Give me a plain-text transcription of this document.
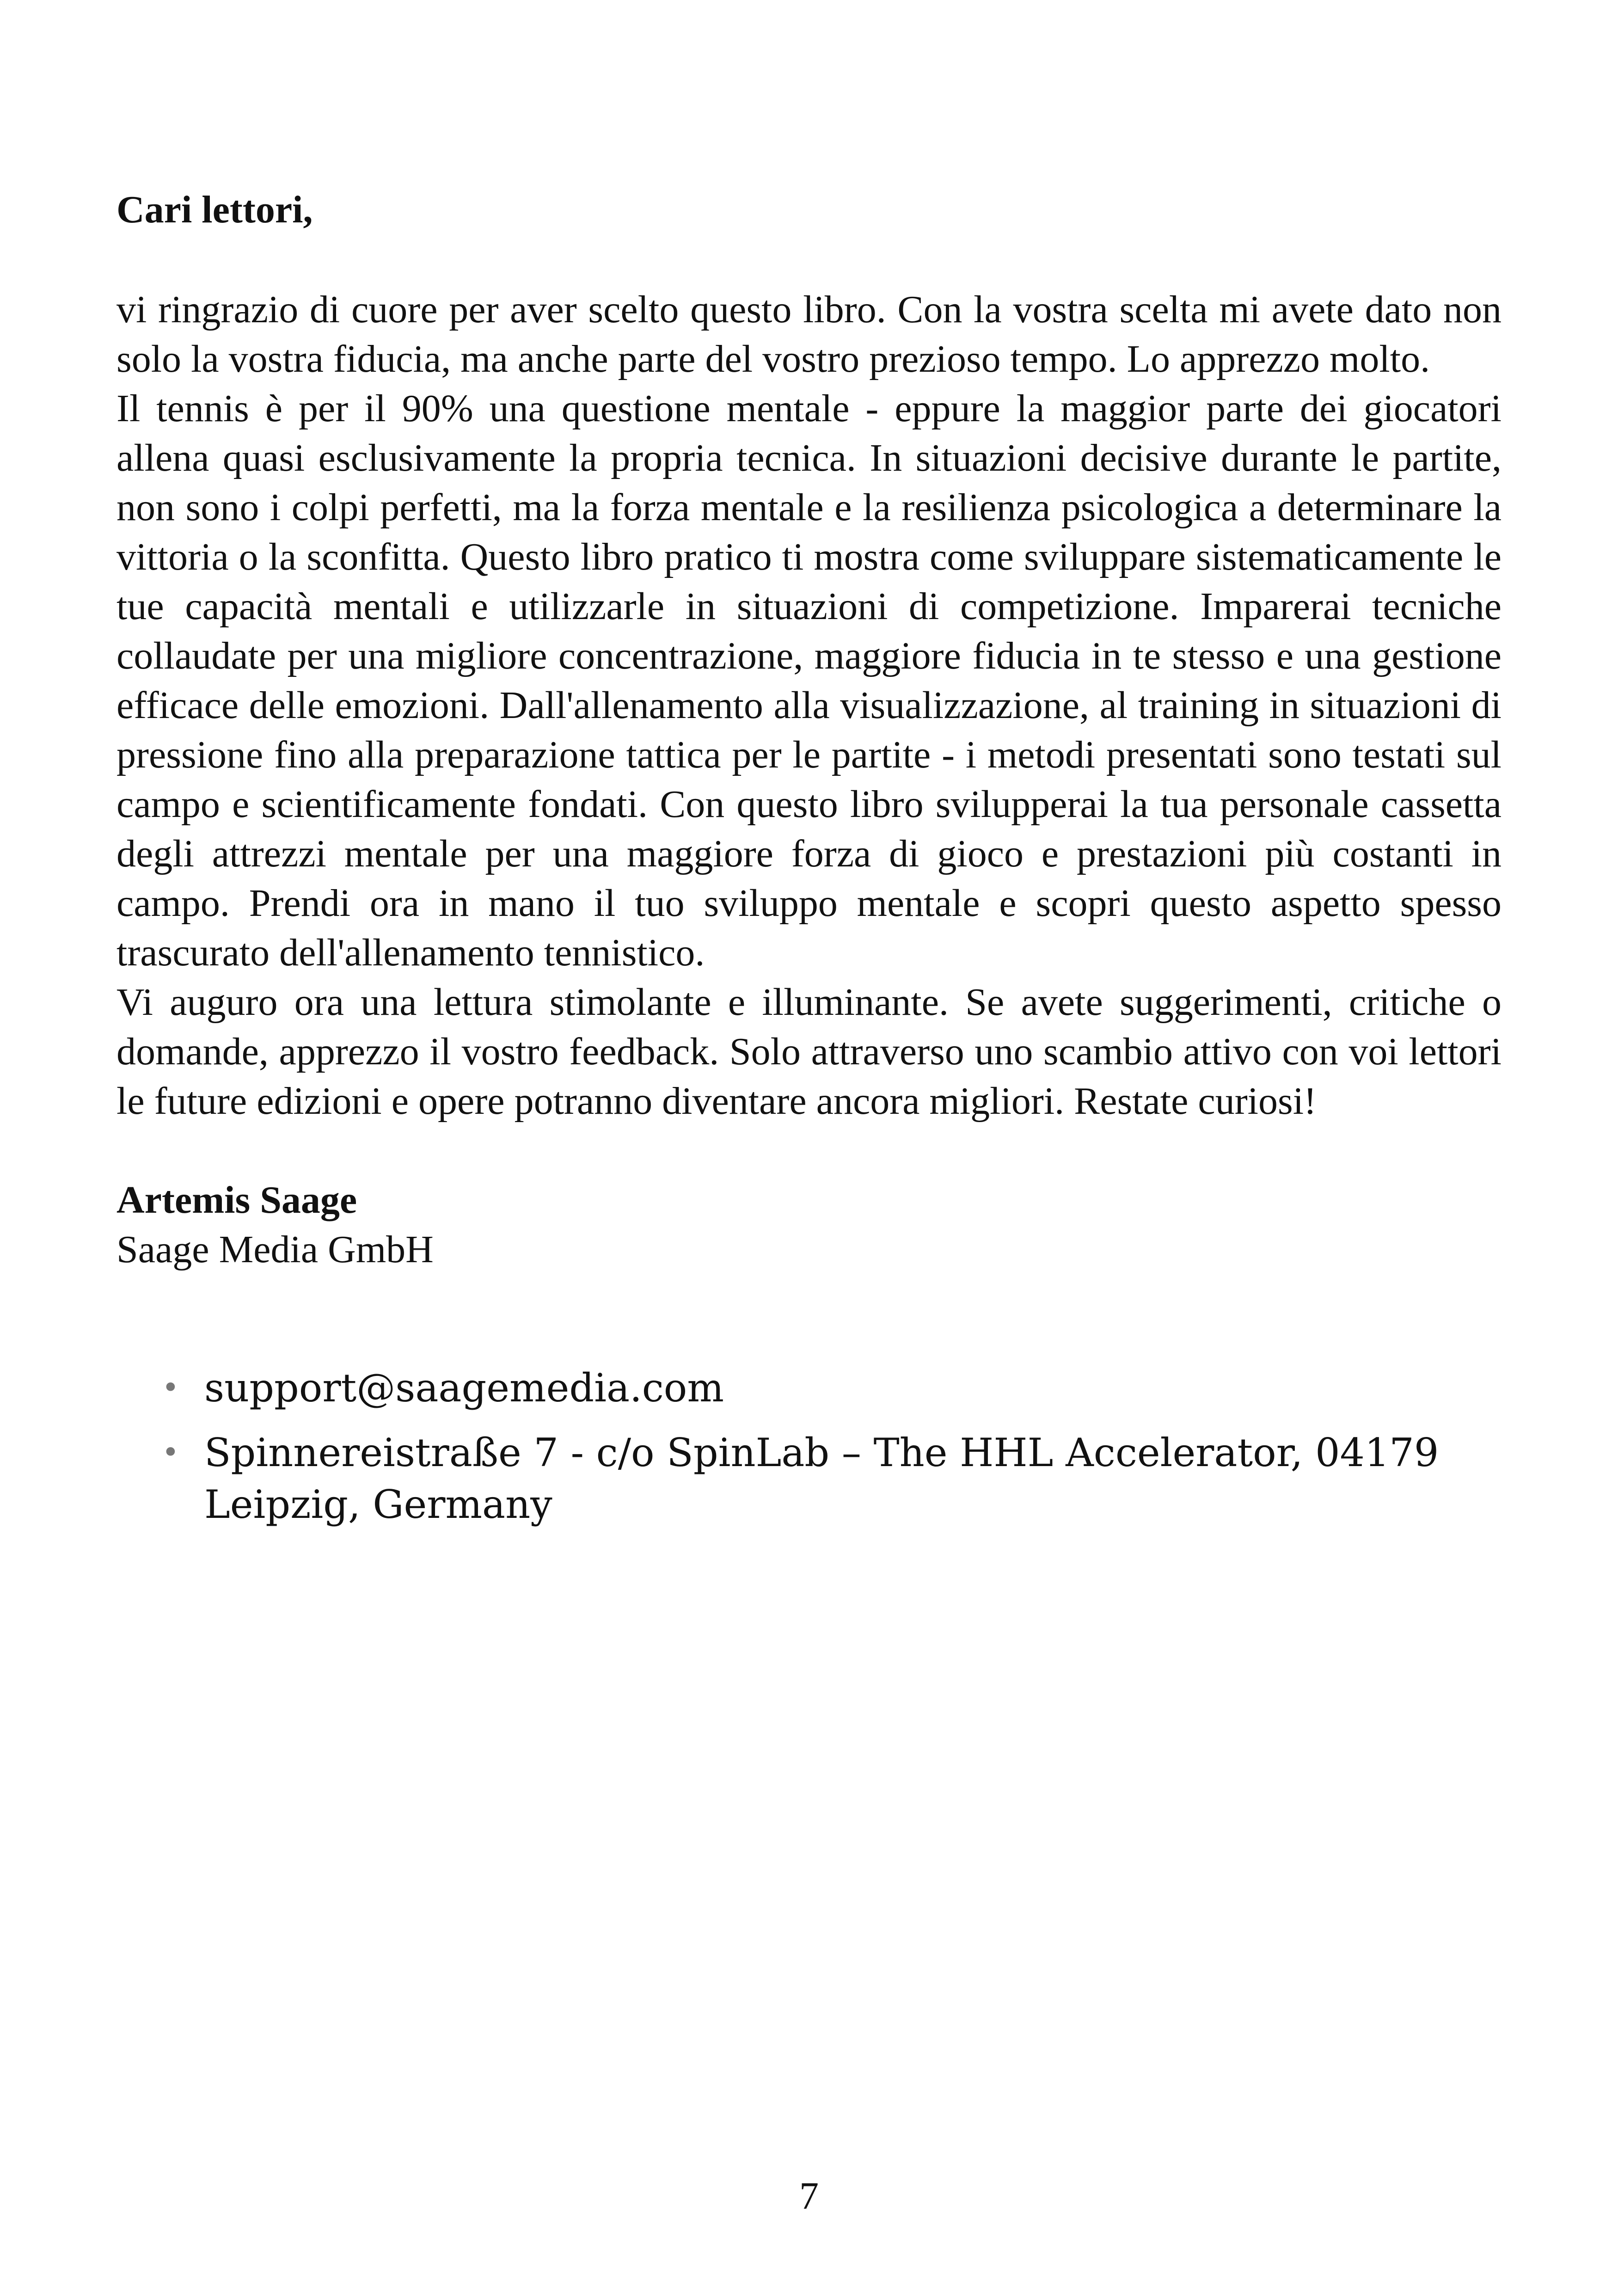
Cari lettori,

vi ringrazio di cuore per aver scelto questo libro. Con la vostra scelta mi avete dato non solo la vostra fiducia, ma anche parte del vostro prezioso tempo. Lo apprezzo molto.

Il tennis è per il 90% una questione mentale - eppure la maggior parte dei giocatori allena quasi esclusivamente la propria tecnica. In situazioni decisive durante le partite, non sono i colpi perfetti, ma la forza mentale e la resilienza psicologica a determinare la vittoria o la sconfitta. Questo libro pratico ti mostra come sviluppare sistematicamente le tue capacità mentali e utilizzarle in situazioni di competizione. Imparerai tecniche collaudate per una migliore concentrazione, maggiore fiducia in te stesso e una gestione efficace delle emozioni. Dall'allenamento alla visualizzazione, al training in situazioni di pressione fino alla preparazione tattica per le partite - i metodi presentati sono testati sul campo e scientificamente fondati. Con questo libro svilupperai la tua personale cassetta degli attrezzi mentale per una maggiore forza di gioco e prestazioni più costanti in campo. Prendi ora in mano il tuo sviluppo mentale e scopri questo aspetto spesso trascurato dell'allenamento tennistico.

Vi auguro ora una lettura stimolante e illuminante. Se avete suggerimenti, critiche o domande, apprezzo il vostro feedback. Solo attraverso uno scambio attivo con voi lettori le future edizioni e opere potranno diventare ancora migliori. Restate curiosi!

Artemis Saage
Saage Media GmbH
• support@saagemedia.com
• Spinnereistraße 7 - c/o SpinLab – The HHL Accelerator, 04179 Leipzig, Germany
7
